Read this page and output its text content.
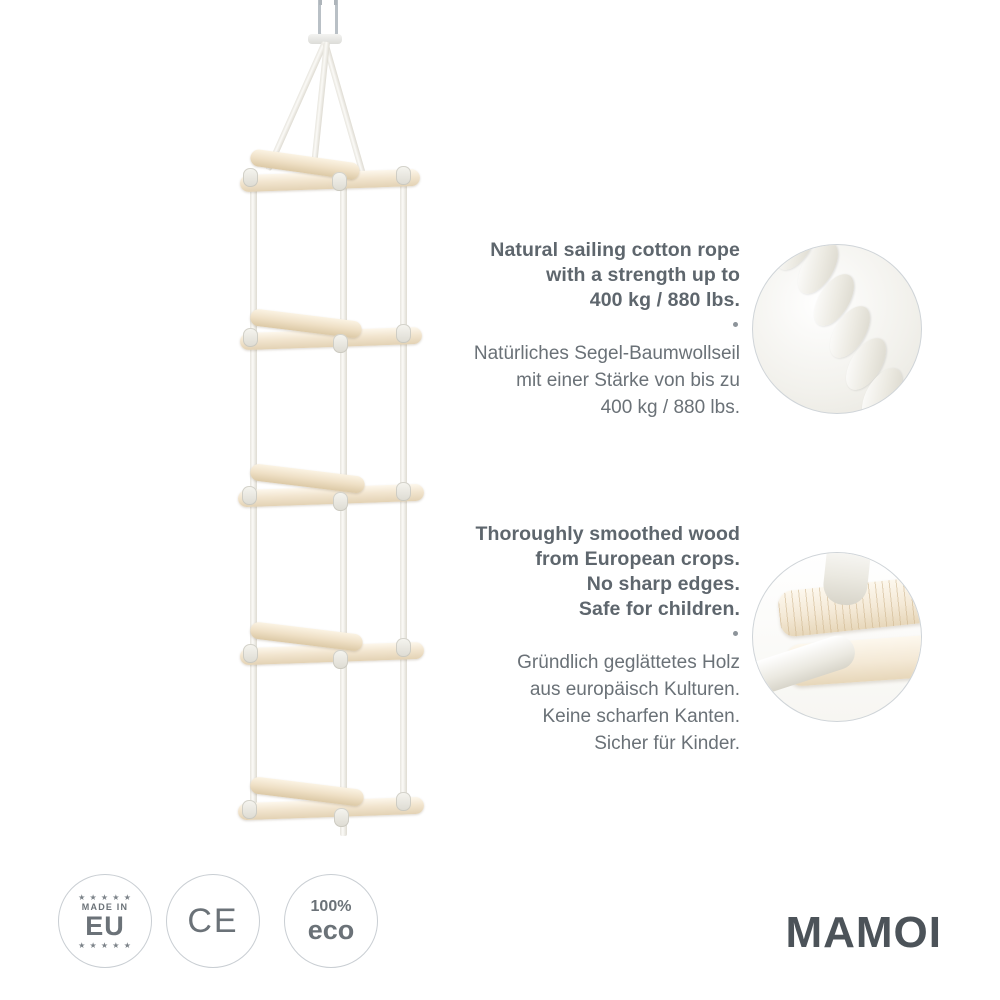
Natural sailing cotton rope
with a strength up to
400 kg / 880 lbs.
Natürliches Segel-Baumwollseil
mit einer Stärke von bis zu
400 kg / 880 lbs.
Thoroughly smoothed wood
from European crops.
No sharp edges.
Safe for children.
Gründlich geglättetes Holz
aus europäisch Kulturen.
Keine scharfen Kanten.
Sicher für Kinder.
★ ★ ★ ★ ★
MADE IN
EU
★ ★ ★ ★ ★
CE	100%
eco	MAMOI
